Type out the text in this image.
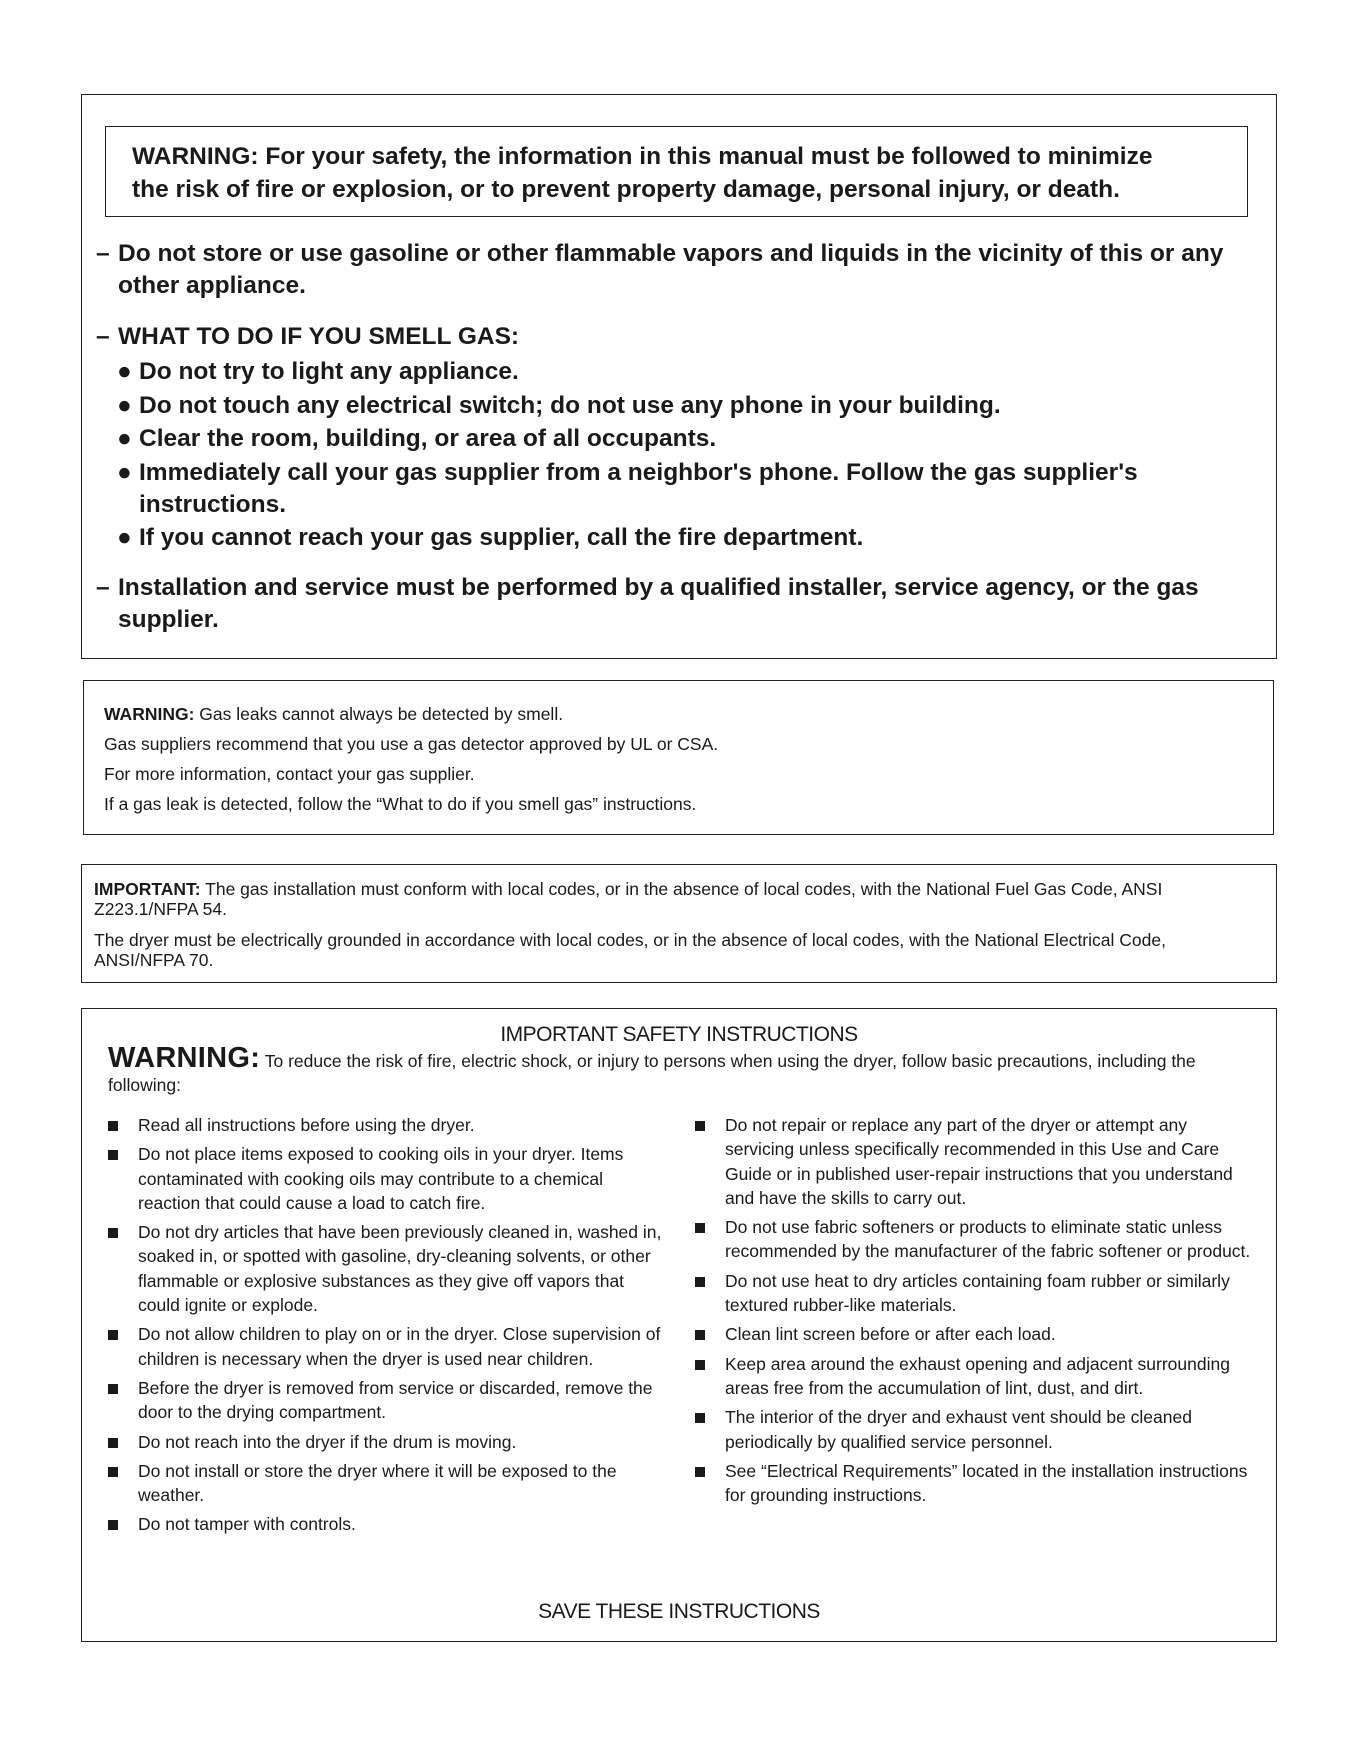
WARNING: For your safety, the information in this manual must be followed to minimize
the risk of fire or explosion, or to prevent property damage, personal injury, or death.
– Do not store or use gasoline or other flammable vapors and liquids in the vicinity of this or any other appliance.
– WHAT TO DO IF YOU SMELL GAS:
● Do not try to light any appliance.
● Do not touch any electrical switch; do not use any phone in your building.
● Clear the room, building, or area of all occupants.
● Immediately call your gas supplier from a neighbor's phone. Follow the gas supplier's instructions.
● If you cannot reach your gas supplier, call the fire department.
– Installation and service must be performed by a qualified installer, service agency, or the gas supplier.
WARNING: Gas leaks cannot always be detected by smell.
Gas suppliers recommend that you use a gas detector approved by UL or CSA.
For more information, contact your gas supplier.
If a gas leak is detected, follow the “What to do if you smell gas” instructions.
IMPORTANT: The gas installation must conform with local codes, or in the absence of local codes, with the National Fuel Gas Code, ANSI Z223.1/NFPA 54.
The dryer must be electrically grounded in accordance with local codes, or in the absence of local codes, with the National Electrical Code, ANSI/NFPA 70.
IMPORTANT SAFETY INSTRUCTIONS
WARNING: To reduce the risk of fire, electric shock, or injury to persons when using the dryer, follow basic precautions, including the following:
Read all instructions before using the dryer.
Do not place items exposed to cooking oils in your dryer. Items contaminated with cooking oils may contribute to a chemical reaction that could cause a load to catch fire.
Do not dry articles that have been previously cleaned in, washed in, soaked in, or spotted with gasoline, dry-cleaning solvents, or other flammable or explosive substances as they give off vapors that could ignite or explode.
Do not allow children to play on or in the dryer. Close supervision of children is necessary when the dryer is used near children.
Before the dryer is removed from service or discarded, remove the door to the drying compartment.
Do not reach into the dryer if the drum is moving.
Do not install or store the dryer where it will be exposed to the weather.
Do not tamper with controls.
Do not repair or replace any part of the dryer or attempt any servicing unless specifically recommended in this Use and Care Guide or in published user-repair instructions that you understand and have the skills to carry out.
Do not use fabric softeners or products to eliminate static unless recommended by the manufacturer of the fabric softener or product.
Do not use heat to dry articles containing foam rubber or similarly textured rubber-like materials.
Clean lint screen before or after each load.
Keep area around the exhaust opening and adjacent surrounding areas free from the accumulation of lint, dust, and dirt.
The interior of the dryer and exhaust vent should be cleaned periodically by qualified service personnel.
See “Electrical Requirements” located in the installation instructions for grounding instructions.
SAVE THESE INSTRUCTIONS
